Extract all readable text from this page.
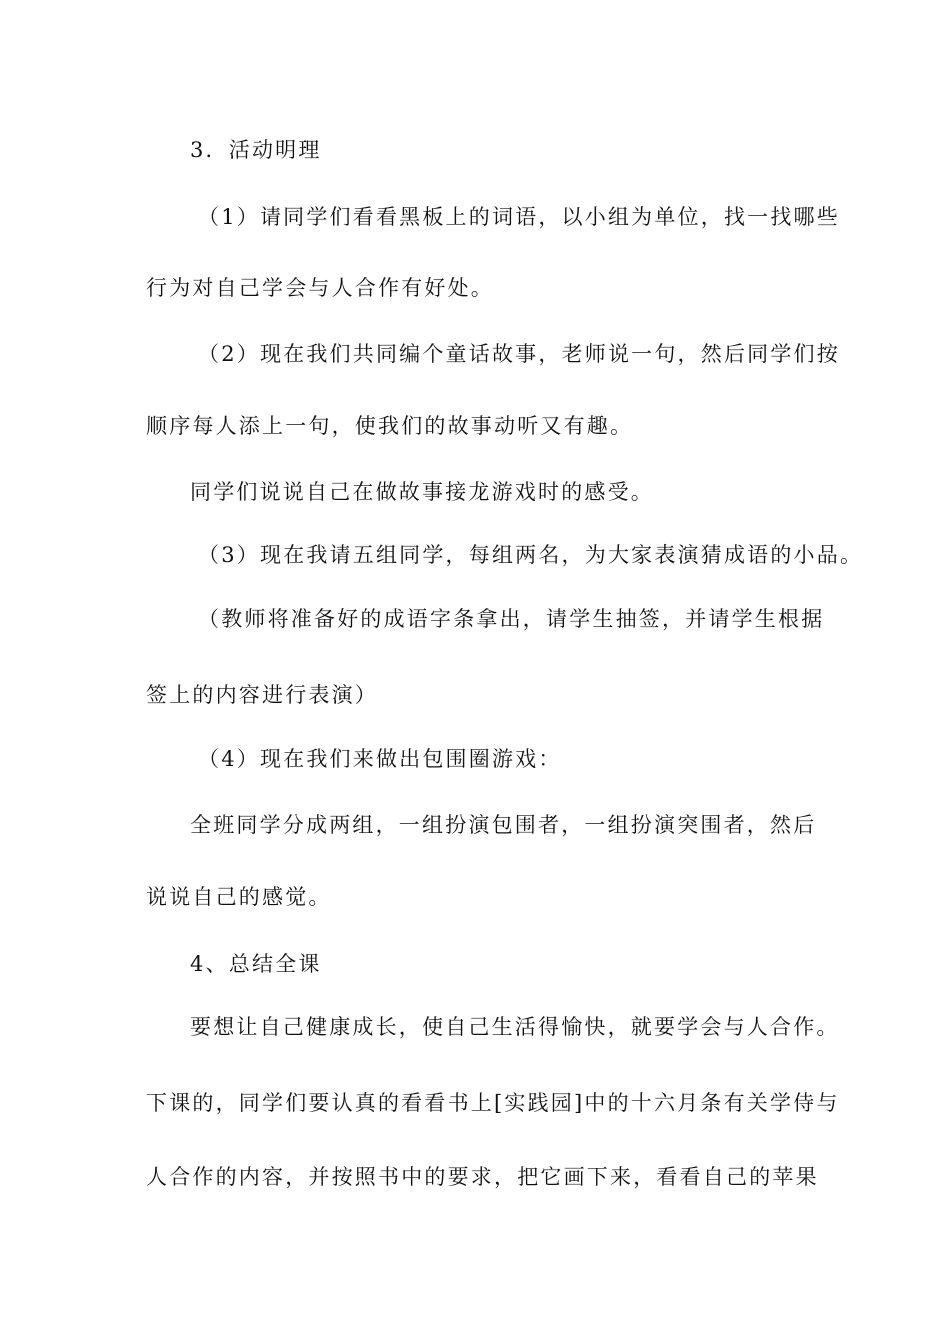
3．活动明理
（1）请同学们看看黑板上的词语，以小组为单位，找一找哪些
行为对自己学会与人合作有好处。
（2）现在我们共同编个童话故事，老师说一句，然后同学们按
顺序每人添上一句，使我们的故事动听又有趣。
同学们说说自己在做故事接龙游戏时的感受。
（3）现在我请五组同学，每组两名，为大家表演猜成语的小品。
（教师将准备好的成语字条拿出，请学生抽签，并请学生根据
签上的内容进行表演）
（4）现在我们来做出包围圈游戏：
全班同学分成两组，一组扮演包围者，一组扮演突围者，然后
说说自己的感觉。
4、总结全课
要想让自己健康成长，使自己生活得愉快，就要学会与人合作。
下课的，同学们要认真的看看书上[实践园]中的十六月条有关学侍与
人合作的内容，并按照书中的要求，把它画下来，看看自己的苹果
